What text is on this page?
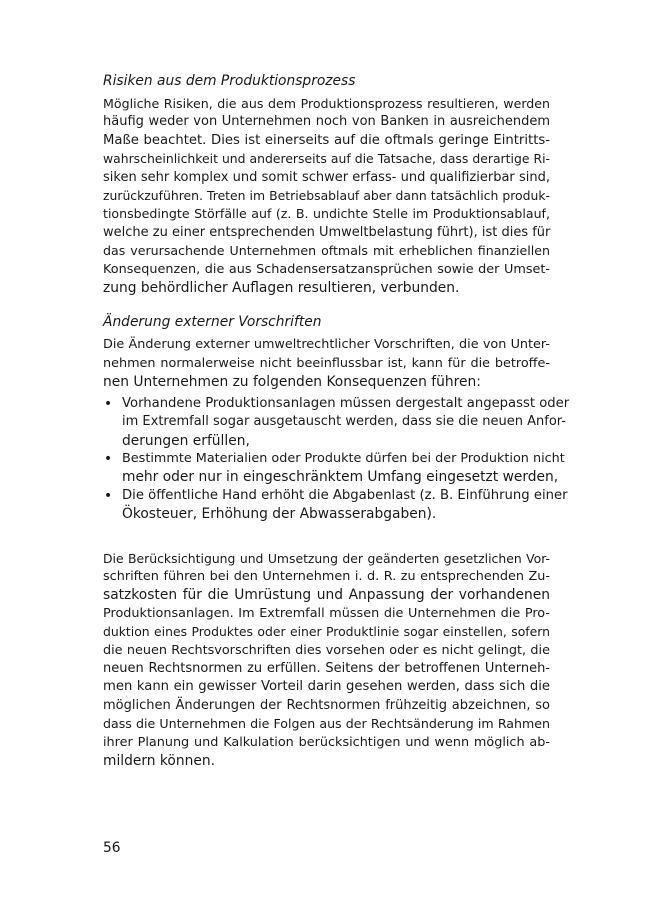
Risiken aus dem Produktionsprozess
Mögliche Risiken, die aus dem Produktionsprozess resultieren, werden
häufig weder von Unternehmen noch von Banken in ausreichendem
Maße beachtet. Dies ist einerseits auf die oftmals geringe Eintritts-
wahrscheinlichkeit und andererseits auf die Tatsache, dass derartige Ri-
siken sehr komplex und somit schwer erfass- und qualifizierbar sind,
zurückzuführen. Treten im Betriebsablauf aber dann tatsächlich produk-
tionsbedingte Störfälle auf (z. B. undichte Stelle im Produktionsablauf,
welche zu einer entsprechenden Umweltbelastung führt), ist dies für
das verursachende Unternehmen oftmals mit erheblichen finanziellen
Konsequenzen, die aus Schadensersatzansprüchen sowie der Umset-
zung behördlicher Auflagen resultieren, verbunden.
Änderung externer Vorschriften
Die Änderung externer umweltrechtlicher Vorschriften, die von Unter-
nehmen normalerweise nicht beeinflussbar ist, kann für die betroffe-
nen Unternehmen zu folgenden Konsequenzen führen:
• Vorhandene Produktionsanlagen müssen dergestalt angepasst oder
im Extremfall sogar ausgetauscht werden, dass sie die neuen Anfor-
derungen erfüllen,
• Bestimmte Materialien oder Produkte dürfen bei der Produktion nicht
mehr oder nur in eingeschränktem Umfang eingesetzt werden,
• Die öffentliche Hand erhöht die Abgabenlast (z. B. Einführung einer
Ökosteuer, Erhöhung der Abwasserabgaben).
Die Berücksichtigung und Umsetzung der geänderten gesetzlichen Vor-
schriften führen bei den Unternehmen i. d. R. zu entsprechenden Zu-
satzkosten für die Umrüstung und Anpassung der vorhandenen
Produktionsanlagen. Im Extremfall müssen die Unternehmen die Pro-
duktion eines Produktes oder einer Produktlinie sogar einstellen, sofern
die neuen Rechtsvorschriften dies vorsehen oder es nicht gelingt, die
neuen Rechtsnormen zu erfüllen. Seitens der betroffenen Unterneh-
men kann ein gewisser Vorteil darin gesehen werden, dass sich die
möglichen Änderungen der Rechtsnormen frühzeitig abzeichnen, so
dass die Unternehmen die Folgen aus der Rechtsänderung im Rahmen
ihrer Planung und Kalkulation berücksichtigen und wenn möglich ab-
mildern können.
56
